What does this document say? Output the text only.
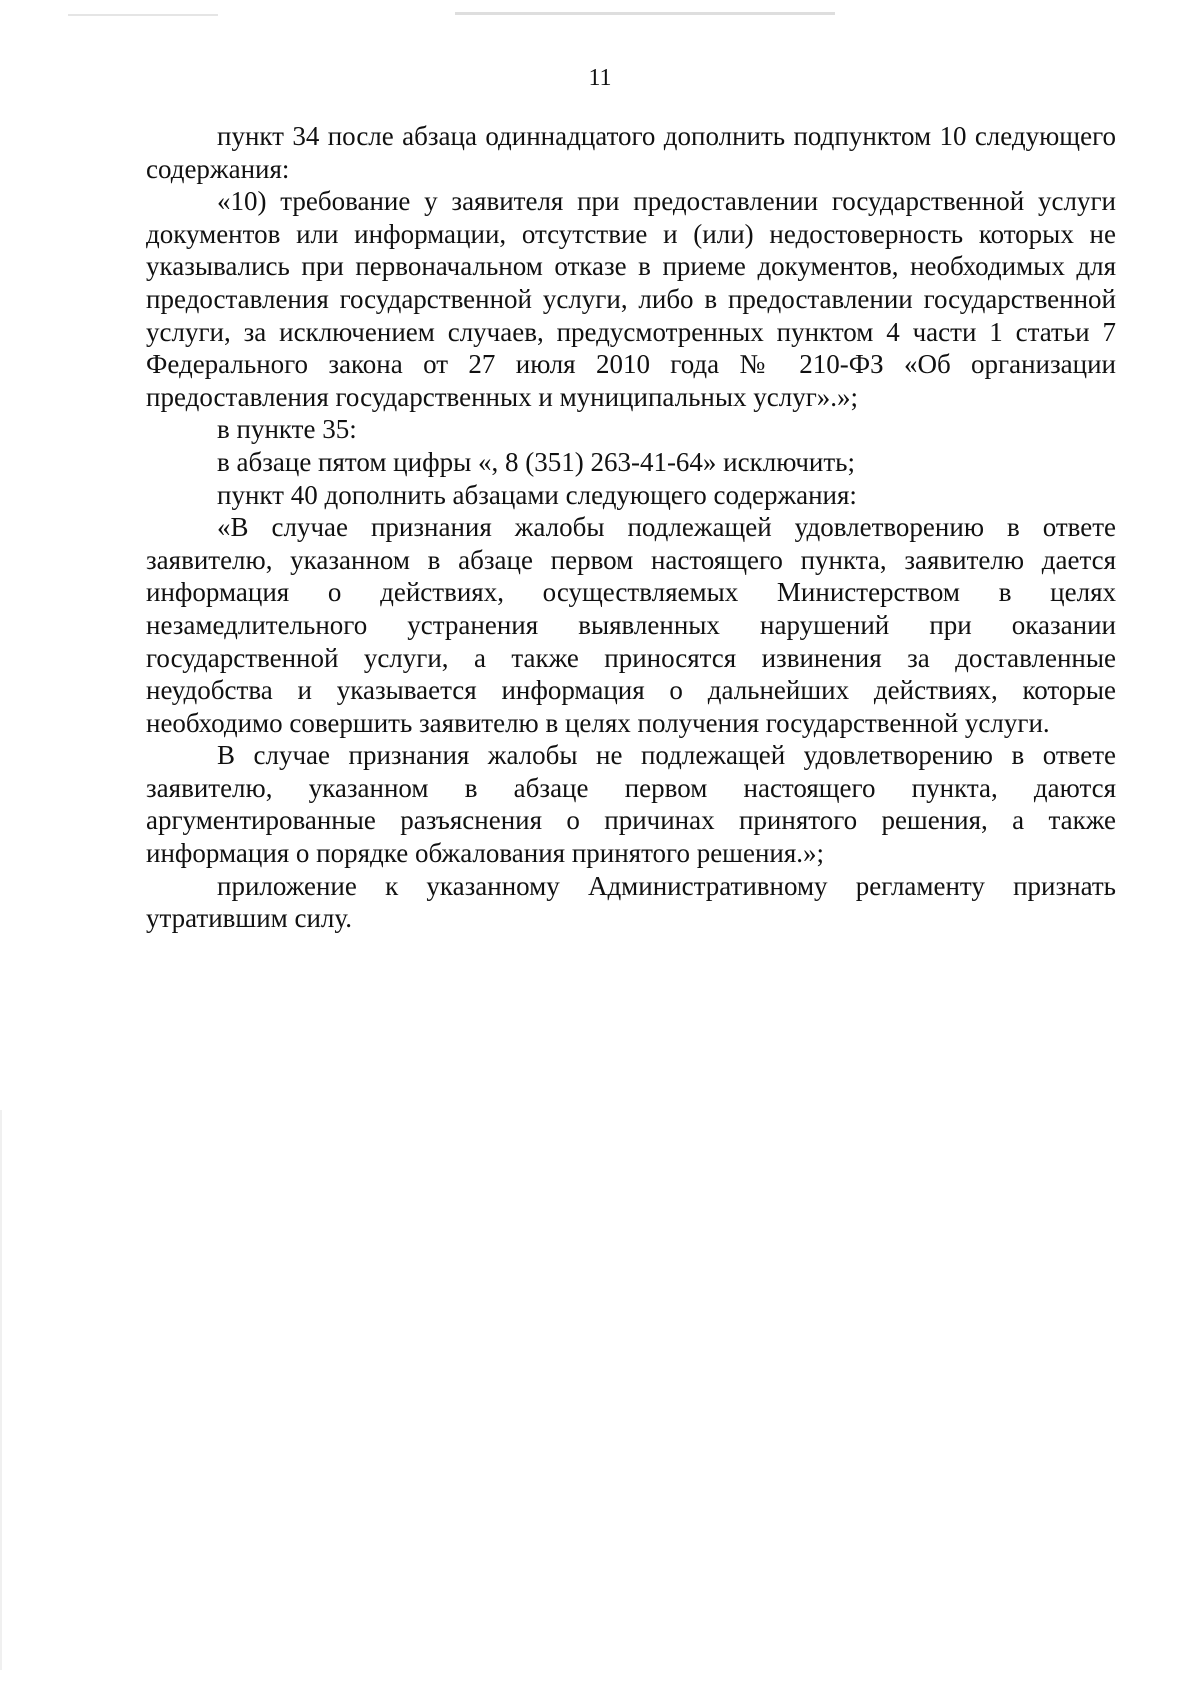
11

пункт 34 после абзаца одиннадцатого дополнить подпунктом 10 следующего содержания:

«10) требование у заявителя при предоставлении государственной услуги документов или информации, отсутствие и (или) недостоверность которых не указывались при первоначальном отказе в приеме документов, необходимых для предоставления государственной услуги, либо в предоставлении государственной услуги, за исключением случаев, предусмотренных пунктом 4 части 1 статьи 7 Федерального закона от 27 июля 2010 года № 210-ФЗ «Об организации предоставления государственных и муниципальных услуг».»;

в пункте 35:

в абзаце пятом цифры «, 8 (351) 263-41-64» исключить;

пункт 40 дополнить абзацами следующего содержания:

«В случае признания жалобы подлежащей удовлетворению в ответе заявителю, указанном в абзаце первом настоящего пункта, заявителю дается информация о действиях, осуществляемых Министерством в целях незамедлительного устранения выявленных нарушений при оказании государственной услуги, а также приносятся извинения за доставленные неудобства и указывается информация о дальнейших действиях, которые необходимо совершить заявителю в целях получения государственной услуги.

В случае признания жалобы не подлежащей удовлетворению в ответе заявителю, указанном в абзаце первом настоящего пункта, даются аргументированные разъяснения о причинах принятого решения, а также информация о порядке обжалования принятого решения.»;

приложение к указанному Административному регламенту признать утратившим силу.
